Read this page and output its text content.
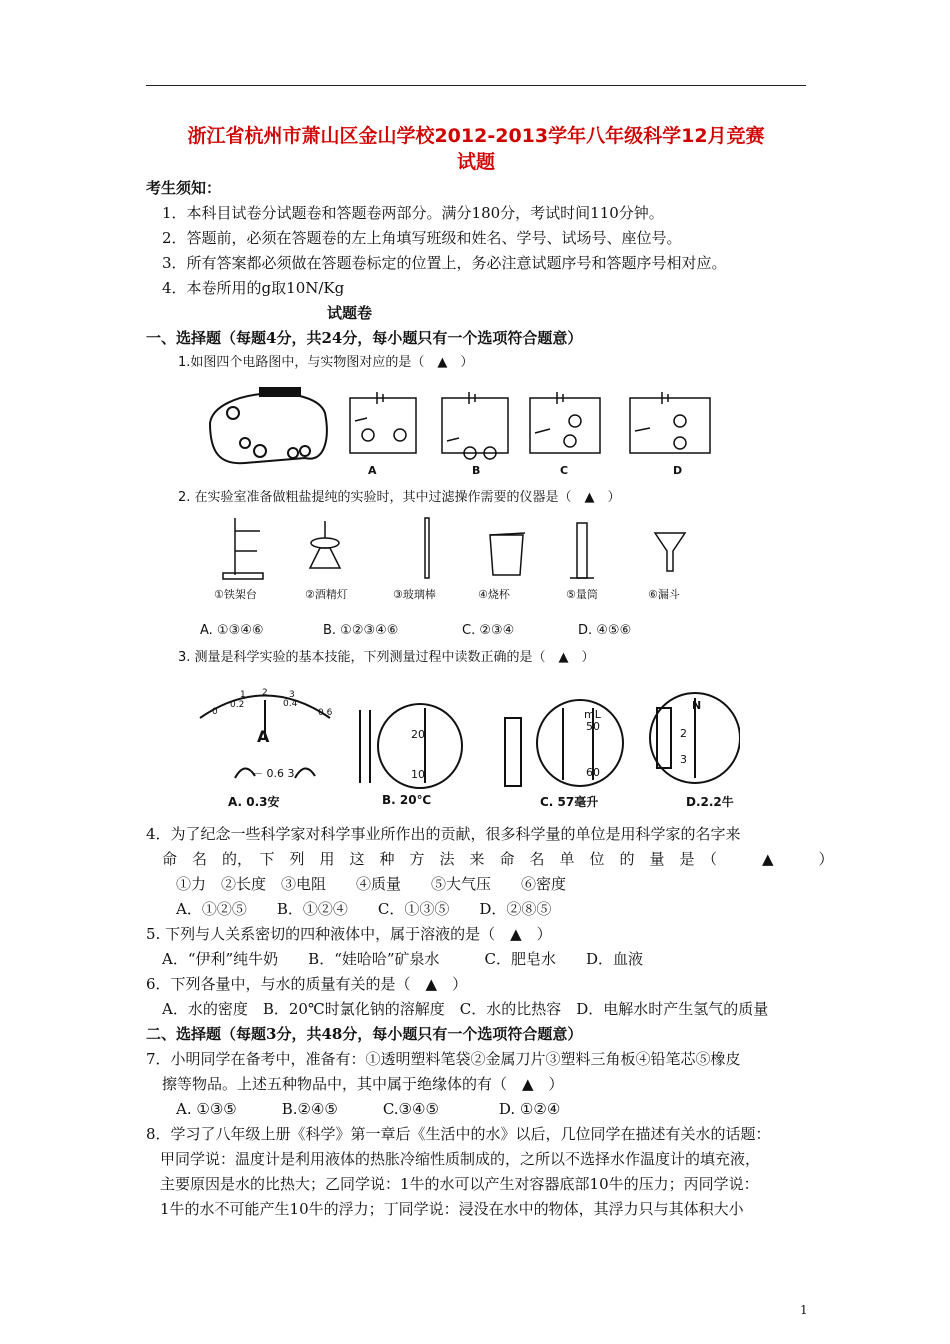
浙江省杭州市萧山区金山学校2012-2013学年八年级科学12月竞赛
试题
考生须知：
1．本科目试卷分试题卷和答题卷两部分。满分180分，考试时间110分钟。
2．答题前，必须在答题卷的左上角填写班级和姓名、学号、试场号、座位号。
3．所有答案都必须做在答题卷标定的位置上，务必注意试题序号和答题序号相对应。
4．本卷所用的g取10N/Kg
试题卷
一、选择题（每题4分，共24分，每小题只有一个选项符合题意）
1.如图四个电路图中，与实物图对应的是（　▲　）
A	B	C	D
2. 在实验室准备做粗盐提纯的实验时，其中过滤操作需要的仪器是（　▲　）
①铁架台	②酒精灯	③玻璃棒	④烧杯	⑤量筒	⑥漏斗
A. ①③④⑥	B. ①②③④⑥	C. ②③④	D. ④⑤⑥
3. 测量是科学实验的基本技能，下列测量过程中读数正确的是（　▲　）
A
－ 0.6 3
0
0.2	0.4
0.6
1 2 3
20
10
mL
50
60
N
2
3
A. 0.3安	B. 20℃	C. 57毫升	D.2.2牛
4．为了纪念一些科学家对科学事业所作出的贡献，很多科学量的单位是用科学家的名字来
命　名　的，　下　列　用　这　种　方　法　来　命　名　单　位　的　量　是　（　　　▲　　　）
①力　②长度　③电阻　　④质量　　⑤大气压　　⑥密度
A．①②⑤　　B．①②④　　C．①③⑤　　D．②⑧⑤
5. 下列与人关系密切的四种液体中，属于溶液的是（　▲　）
A．“伊利”纯牛奶　　B．“娃哈哈”矿泉水　　　C．肥皂水　　D．血液
6．下列各量中，与水的质量有关的是（　▲　）
A．水的密度　B．20℃时氯化钠的溶解度　C．水的比热容　D．电解水时产生氢气的质量
二、选择题（每题3分，共48分，每小题只有一个选项符合题意）
7．小明同学在备考中，准备有：①透明塑料笔袋②金属刀片③塑料三角板④铅笔芯⑤橡皮
擦等物品。上述五种物品中，其中属于绝缘体的有（　▲　）
A. ①③⑤　　　B.②④⑤　　　C.③④⑤　　　　D. ①②④
8．学习了八年级上册《科学》第一章后《生活中的水》以后，几位同学在描述有关水的话题：
甲同学说：温度计是利用液体的热胀冷缩性质制成的，之所以不选择水作温度计的填充液，
主要原因是水的比热大；乙同学说：1牛的水可以产生对容器底部10牛的压力；丙同学说：
1牛的水不可能产生10牛的浮力；丁同学说：浸没在水中的物体，其浮力只与其体积大小
1
